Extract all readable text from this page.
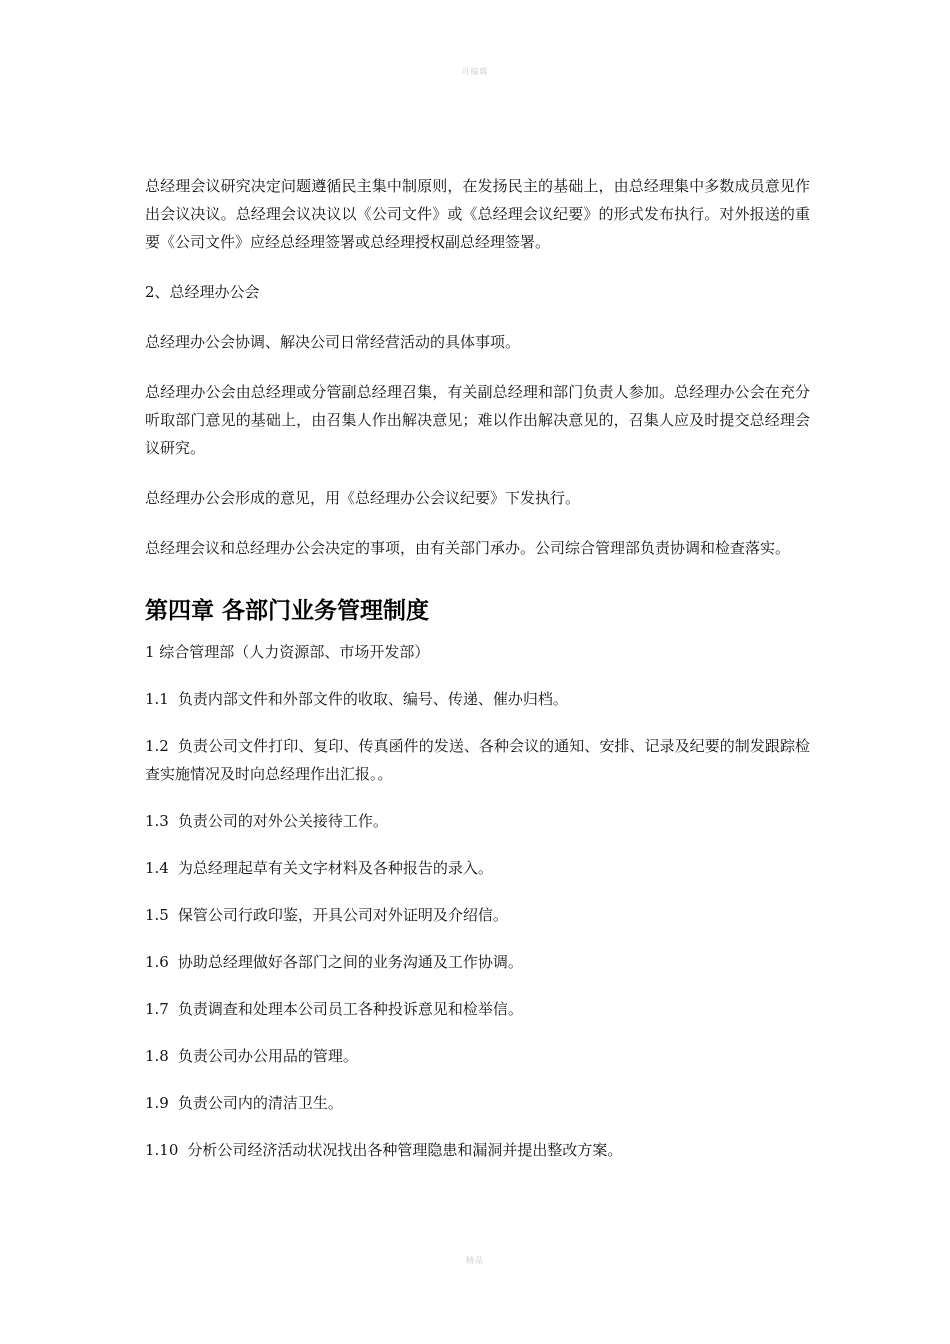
可编辑

总经理会议研究决定问题遵循民主集中制原则，在发扬民主的基础上，由总经理集中多数成员意见作出会议决议。总经理会议决议以《公司文件》或《总经理会议纪要》的形式发布执行。对外报送的重要《公司文件》应经总经理签署或总经理授权副总经理签署。

2、总经理办公会

总经理办公会协调、解决公司日常经营活动的具体事项。

总经理办公会由总经理或分管副总经理召集，有关副总经理和部门负责人参加。总经理办公会在充分听取部门意见的基础上，由召集人作出解决意见；难以作出解决意见的，召集人应及时提交总经理会议研究。

总经理办公会形成的意见，用《总经理办公会议纪要》下发执行。

总经理会议和总经理办公会决定的事项，由有关部门承办。公司综合管理部负责协调和检查落实。

第四章 各部门业务管理制度

1 综合管理部（人力资源部、市场开发部）

1.1 负责内部文件和外部文件的收取、编号、传递、催办归档。

1.2 负责公司文件打印、复印、传真函件的发送、各种会议的通知、安排、记录及纪要的制发跟踪检查实施情况及时向总经理作出汇报。。

1.3 负责公司的对外公关接待工作。

1.4 为总经理起草有关文字材料及各种报告的录入。

1.5 保管公司行政印鉴，开具公司对外证明及介绍信。

1.6 协助总经理做好各部门之间的业务沟通及工作协调。

1.7 负责调查和处理本公司员工各种投诉意见和检举信。

1.8 负责公司办公用品的管理。

1.9 负责公司内的清洁卫生。

1.10 分析公司经济活动状况找出各种管理隐患和漏洞并提出整改方案。

精品
